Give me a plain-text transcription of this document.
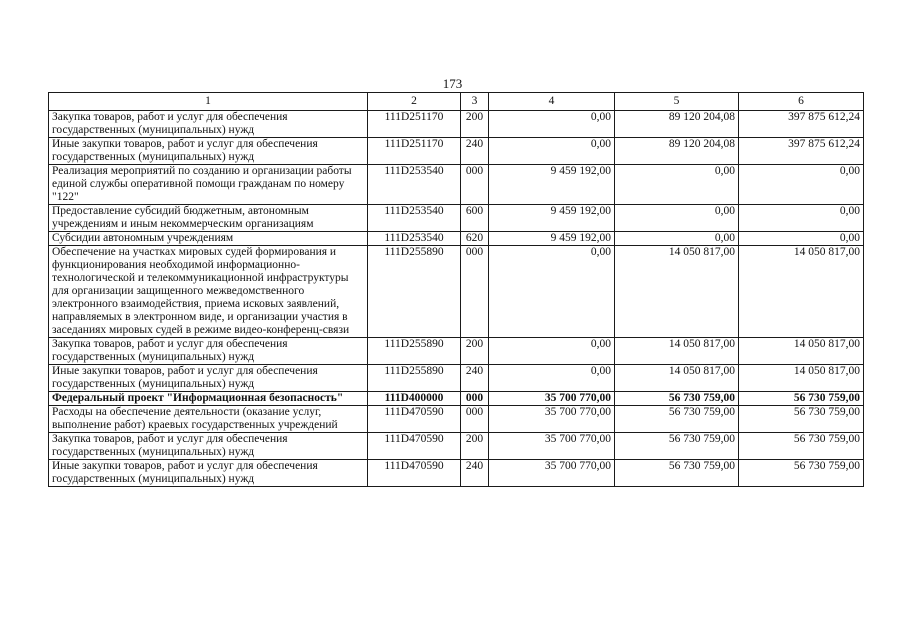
173
1	2	3	4	5	6
Закупка товаров, работ и услуг для обеспечения государственных (муниципальных) нужд	111D251170	200	0,00	89 120 204,08	397 875 612,24
Иные закупки товаров, работ и услуг для обеспечения государственных (муниципальных) нужд	111D251170	240	0,00	89 120 204,08	397 875 612,24
Реализация мероприятий по созданию и организации работы единой службы оперативной помощи гражданам по номеру "122"	111D253540	000	9 459 192,00	0,00	0,00
Предоставление субсидий бюджетным, автономным учреждениям и иным некоммерческим организациям	111D253540	600	9 459 192,00	0,00	0,00
Субсидии автономным учреждениям	111D253540	620	9 459 192,00	0,00	0,00
Обеспечение на участках мировых судей формирования и функционирования необходимой информационно-технологической и телекоммуникационной инфраструктуры для организации защищенного межведомственного электронного взаимодействия, приема исковых заявлений, направляемых в электронном виде, и организации участия в заседаниях мировых судей в режиме видео-конференц-связи	111D255890	000	0,00	14 050 817,00	14 050 817,00
Закупка товаров, работ и услуг для обеспечения государственных (муниципальных) нужд	111D255890	200	0,00	14 050 817,00	14 050 817,00
Иные закупки товаров, работ и услуг для обеспечения государственных (муниципальных) нужд	111D255890	240	0,00	14 050 817,00	14 050 817,00
Федеральный проект "Информационная безопасность"	111D400000	000	35 700 770,00	56 730 759,00	56 730 759,00
Расходы на обеспечение деятельности (оказание услуг, выполнение работ) краевых государственных учреждений	111D470590	000	35 700 770,00	56 730 759,00	56 730 759,00
Закупка товаров, работ и услуг для обеспечения государственных (муниципальных) нужд	111D470590	200	35 700 770,00	56 730 759,00	56 730 759,00
Иные закупки товаров, работ и услуг для обеспечения государственных (муниципальных) нужд	111D470590	240	35 700 770,00	56 730 759,00	56 730 759,00
